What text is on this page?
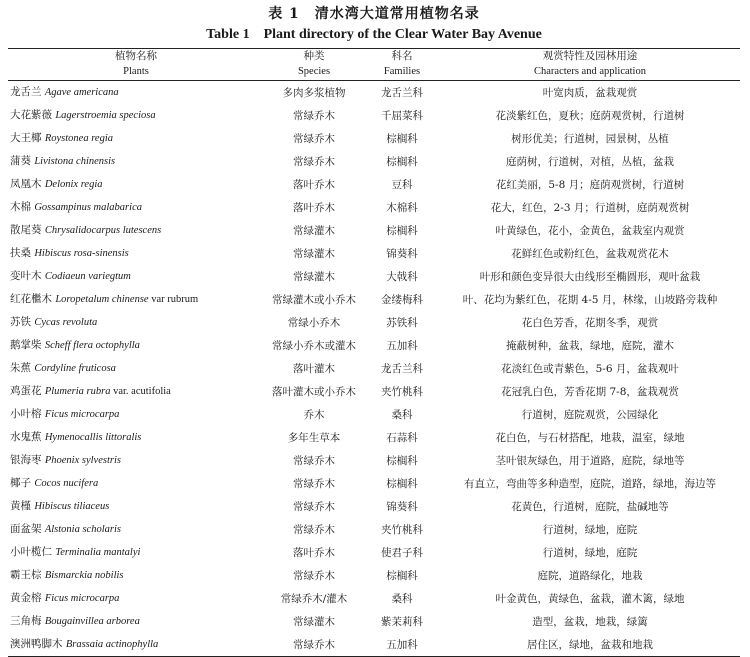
表 1　清水湾大道常用植物名录
Table 1　Plant directory of the Clear Water Bay Avenue
植物名称	种类	科名	观赏特性及园林用途
Plants	Species	Families	Characters and application
龙舌兰 Agave americana	多肉多浆植物	龙舌兰科	叶宽肉质，盆栽观赏
大花紫薇 Lagerstroemia speciosa	常绿乔木	千屈菜科	花淡紫红色，夏秋；庭荫观赏树，行道树
大王椰 Roystonea regia	常绿乔木	棕榈科	树形优美；行道树，园景树，丛植
蒲葵 Livistona chinensis	常绿乔木	棕榈科	庭荫树，行道树，对植，丛植，盆栽
凤凰木 Delonix regia	落叶乔木	豆科	花红美丽，5-8 月；庭荫观赏树，行道树
木棉 Gossampinus malabarica	落叶乔木	木棉科	花大，红色，2-3 月；行道树，庭荫观赏树
散尾葵 Chrysalidocarpus lutescens	常绿灌木	棕榈科	叶黄绿色，花小，金黄色，盆栽室内观赏
扶桑 Hibiscus rosa-sinensis	常绿灌木	锦葵科	花鲜红色或粉红色，盆栽观赏花木
变叶木 Codiaeun variegtum	常绿灌木	大戟科	叶形和颜色变异很大由线形至椭圆形，观叶盆栽
红花檵木 Loropetalum chinense var rubrum	常绿灌木或小乔木	金缕梅科	叶、花均为紫红色，花期 4-5 月，林缘，山坡路旁栽种
苏铁 Cycas revoluta	常绿小乔木	苏铁科	花白色芳香，花期冬季，观赏
鹅掌柴 Scheff flera octophylla	常绿小乔木或灌木	五加科	掩蔽树种，盆栽，绿地，庭院，灌木
朱蕉 Cordyline fruticosa	落叶灌木	龙舌兰科	花淡红色或青紫色，5-6 月，盆栽观叶
鸡蛋花 Plumeria rubra var. acutifolia	落叶灌木或小乔木	夹竹桃科	花冠乳白色，芳香花期 7-8，盆栽观赏
小叶榕 Ficus microcarpa	乔木	桑科	行道树，庭院观赏，公园绿化
水鬼蕉 Hymenocallis littoralis	多年生草本	石蒜科	花白色，与石材搭配，地栽，温室，绿地
银海枣 Phoenix sylvestris	常绿乔木	棕榈科	茎叶银灰绿色，用于道路，庭院，绿地等
椰子 Cocos nucifera	常绿乔木	棕榈科	有直立，弯曲等多种造型，庭院，道路，绿地，海边等
黄槿 Hibiscus tiliaceus	常绿乔木	锦葵科	花黄色，行道树，庭院，盐碱地等
面盆架 Alstonia scholaris	常绿乔木	夹竹桃科	行道树，绿地，庭院
小叶榄仁 Terminalia mantalyi	落叶乔木	使君子科	行道树，绿地，庭院
霸王棕 Bismarckia nobilis	常绿乔木	棕榈科	庭院，道路绿化，地栽
黄金榕 Ficus microcarpa	常绿乔木/灌木	桑科	叶金黄色，黄绿色，盆栽，灌木篱，绿地
三角梅 Bougainvillea arborea	常绿灌木	紫茉莉科	造型，盆栽，地栽，绿篱
澳洲鸭脚木 Brassaia actinophylla	常绿乔木	五加科	居住区，绿地，盆栽和地栽
